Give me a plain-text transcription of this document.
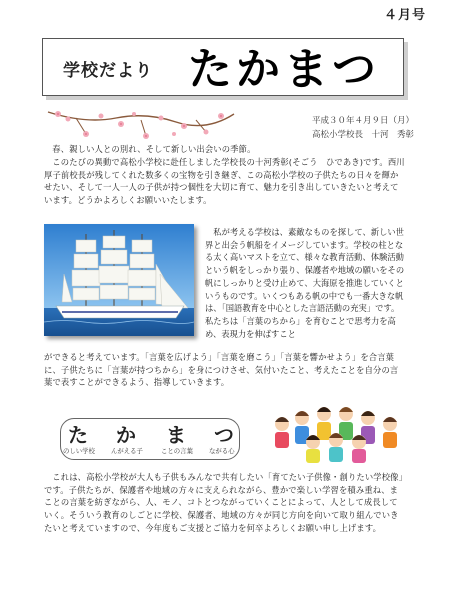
４月号
学校だより たかまつ
平成３０年４月９日（月）
高松小学校長　十河　秀彰
春、親しい人との別れ、そして新しい出会いの季節。
このたびの異動で高松小学校に赴任しました学校長の十河秀彰(そごう　ひであき)です。西川厚子前校長が残してくれた数多くの宝物を引き継ぎ、この高松小学校の子供たちの日々を輝かせたい、そして一人一人の子供が持つ個性を大切に育て、魅力を引き出していきたいと考えています。どうかよろしくお願いいたします。
私が考える学校は、素敵なものを探して、新しい世界と出会う帆船をイメージしています。学校の柱となる太く高いマストを立て、様々な教育活動、体験活動という帆をしっかり張り、保護者や地域の願いをその帆にしっかりと受け止めて、大海原を推進していくというものです。いくつもある帆の中でも一番大きな帆は、「国語教育を中心とした言語活動の充実」です。私たちは「言葉のちから」を育むことで思考力を高め、表現力を伸ばすこと
ができると考えています。「言葉を広げよう」「言葉を磨こう」「言葉を響かせよう」を合言葉に、子供たちに「言葉が持つちから」を身につけさせ、気付いたこと、考えたことを自分の言葉で表すことができるよう、指導していきます。
た か ま つ
のしい学校	んがえる子	ことの言葉	ながる心
これは、高松小学校が大人も子供もみんなで共有したい「育てたい子供像・創りたい学校像」です。子供たちが、保護者や地域の方々に支えられながら、豊かで楽しい学習を積み重ね、まことの言葉を紡ぎながら、人、モノ、コトとつながっていくことによって、人として成長していく。そういう教育のしごとに学校、保護者、地域の方々が同じ方向を向いて取り組んでいきたいと考えていますので、今年度もご支援とご協力を何卒よろしくお願い申し上げます。
